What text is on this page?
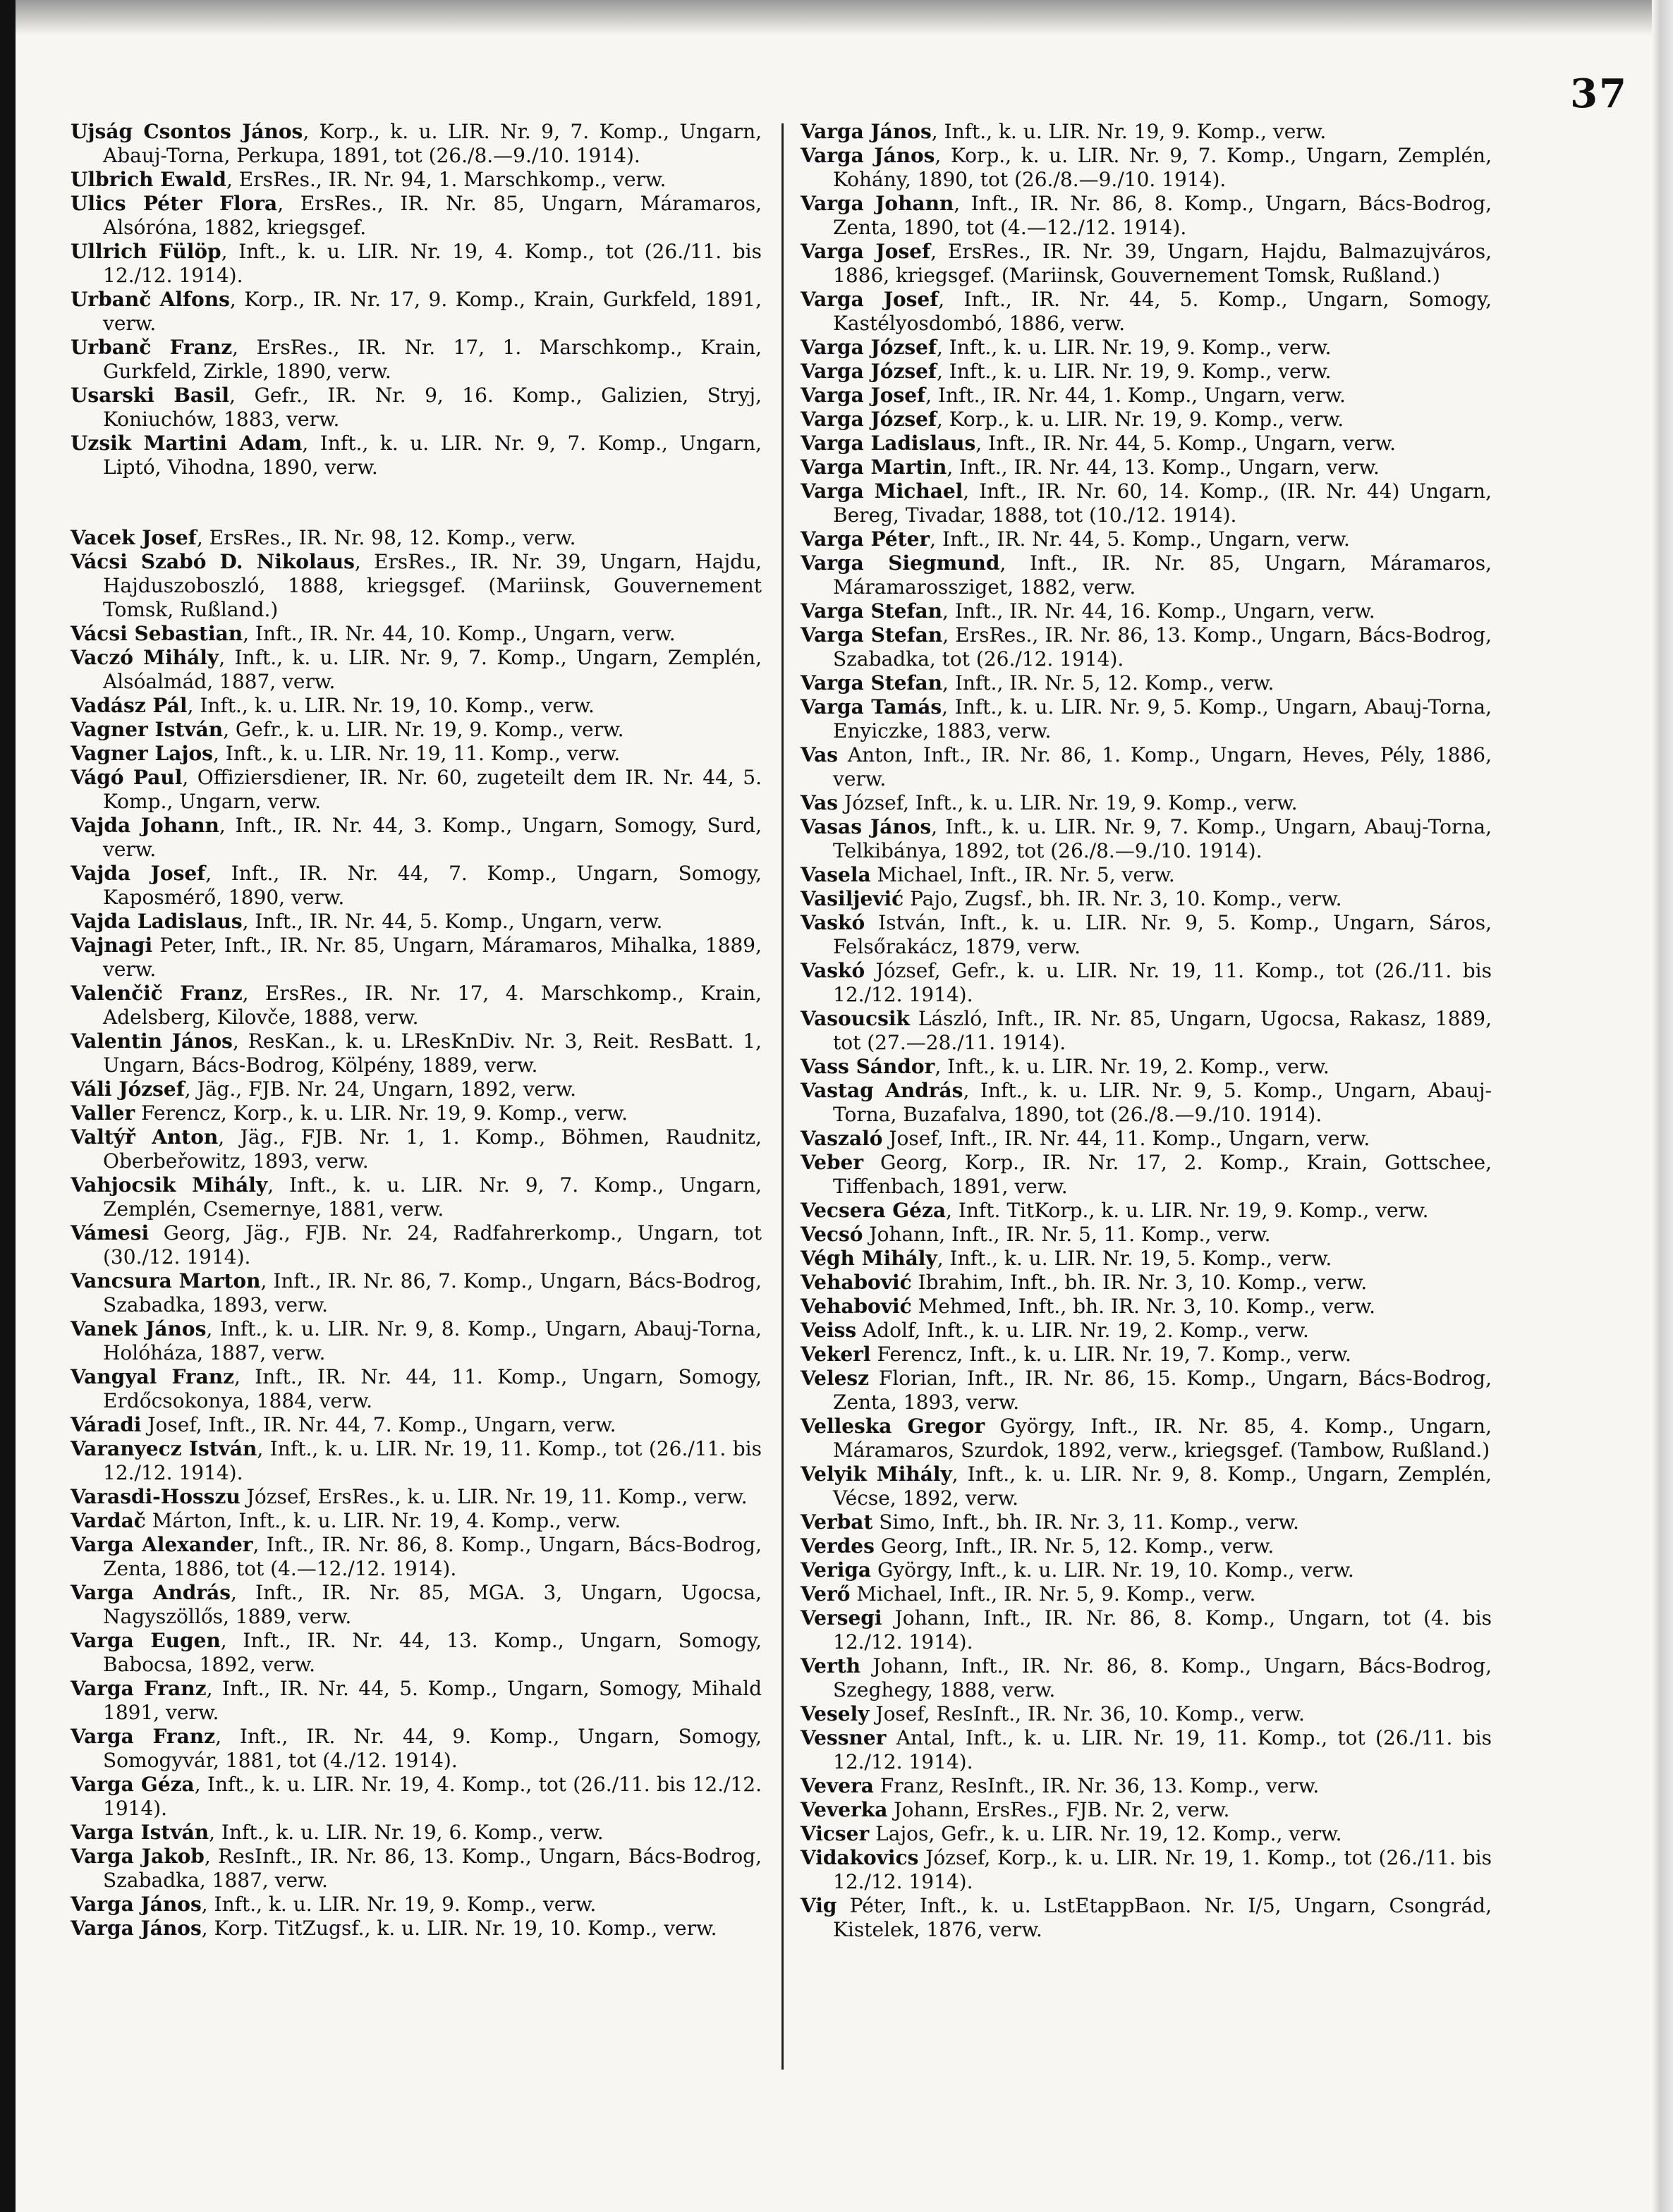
37
Ujság Csontos János, Korp., k. u. LIR. Nr. 9, 7. Komp., Ungarn, Abauj-Torna, Perkupa, 1891, tot (26./8.—9./10. 1914).
Ulbrich Ewald, ErsRes., IR. Nr. 94, 1. Marschkomp., verw.
Ulics Péter Flora, ErsRes., IR. Nr. 85, Ungarn, Máramaros, Alsóróna, 1882, kriegsgef.
Ullrich Fülöp, Inft., k. u. LIR. Nr. 19, 4. Komp., tot (26./11. bis 12./12. 1914).
Urbanč Alfons, Korp., IR. Nr. 17, 9. Komp., Krain, Gurkfeld, 1891, verw.
Urbanč Franz, ErsRes., IR. Nr. 17, 1. Marschkomp., Krain, Gurkfeld, Zirkle, 1890, verw.
Usarski Basil, Gefr., IR. Nr. 9, 16. Komp., Galizien, Stryj, Koniuchów, 1883, verw.
Uzsik Martini Adam, Inft., k. u. LIR. Nr. 9, 7. Komp., Ungarn, Liptó, Vihodna, 1890, verw.
Vacek Josef, ErsRes., IR. Nr. 98, 12. Komp., verw.
Vácsi Szabó D. Nikolaus, ErsRes., IR. Nr. 39, Ungarn, Hajdu, Hajduszoboszló, 1888, kriegsgef. (Mariinsk, Gouvernement Tomsk, Rußland.)
Vácsi Sebastian, Inft., IR. Nr. 44, 10. Komp., Ungarn, verw.
Vaczó Mihály, Inft., k. u. LIR. Nr. 9, 7. Komp., Ungarn, Zemplén, Alsóalmád, 1887, verw.
Vadász Pál, Inft., k. u. LIR. Nr. 19, 10. Komp., verw.
Vagner István, Gefr., k. u. LIR. Nr. 19, 9. Komp., verw.
Vagner Lajos, Inft., k. u. LIR. Nr. 19, 11. Komp., verw.
Vágó Paul, Offiziersdiener, IR. Nr. 60, zugeteilt dem IR. Nr. 44, 5. Komp., Ungarn, verw.
Vajda Johann, Inft., IR. Nr. 44, 3. Komp., Ungarn, Somogy, Surd, verw.
Vajda Josef, Inft., IR. Nr. 44, 7. Komp., Ungarn, Somogy, Kaposmérő, 1890, verw.
Vajda Ladislaus, Inft., IR. Nr. 44, 5. Komp., Ungarn, verw.
Vajnagi Peter, Inft., IR. Nr. 85, Ungarn, Máramaros, Mihalka, 1889, verw.
Valenčič Franz, ErsRes., IR. Nr. 17, 4. Marschkomp., Krain, Adelsberg, Kilovče, 1888, verw.
Valentin János, ResKan., k. u. LResKnDiv. Nr. 3, Reit. ResBatt. 1, Ungarn, Bács-Bodrog, Kölpény, 1889, verw.
Váli József, Jäg., FJB. Nr. 24, Ungarn, 1892, verw.
Valler Ferencz, Korp., k. u. LIR. Nr. 19, 9. Komp., verw.
Valtýř Anton, Jäg., FJB. Nr. 1, 1. Komp., Böhmen, Raudnitz, Oberbeřowitz, 1893, verw.
Vahjocsik Mihály, Inft., k. u. LIR. Nr. 9, 7. Komp., Ungarn, Zemplén, Csemernye, 1881, verw.
Vámesi Georg, Jäg., FJB. Nr. 24, Radfahrerkomp., Ungarn, tot (30./12. 1914).
Vancsura Marton, Inft., IR. Nr. 86, 7. Komp., Ungarn, Bács-Bodrog, Szabadka, 1893, verw.
Vanek János, Inft., k. u. LIR. Nr. 9, 8. Komp., Ungarn, Abauj-Torna, Holóháza, 1887, verw.
Vangyal Franz, Inft., IR. Nr. 44, 11. Komp., Ungarn, Somogy, Erdőcsokonya, 1884, verw.
Váradi Josef, Inft., IR. Nr. 44, 7. Komp., Ungarn, verw.
Varanyecz István, Inft., k. u. LIR. Nr. 19, 11. Komp., tot (26./11. bis 12./12. 1914).
Varasdi-Hosszu József, ErsRes., k. u. LIR. Nr. 19, 11. Komp., verw.
Vardač Márton, Inft., k. u. LIR. Nr. 19, 4. Komp., verw.
Varga Alexander, Inft., IR. Nr. 86, 8. Komp., Ungarn, Bács-Bodrog, Zenta, 1886, tot (4.—12./12. 1914).
Varga András, Inft., IR. Nr. 85, MGA. 3, Ungarn, Ugocsa, Nagyszöllős, 1889, verw.
Varga Eugen, Inft., IR. Nr. 44, 13. Komp., Ungarn, Somogy, Babocsa, 1892, verw.
Varga Franz, Inft., IR. Nr. 44, 5. Komp., Ungarn, Somogy, Mihald 1891, verw.
Varga Franz, Inft., IR. Nr. 44, 9. Komp., Ungarn, Somogy, Somogyvár, 1881, tot (4./12. 1914).
Varga Géza, Inft., k. u. LIR. Nr. 19, 4. Komp., tot (26./11. bis 12./12. 1914).
Varga István, Inft., k. u. LIR. Nr. 19, 6. Komp., verw.
Varga Jakob, ResInft., IR. Nr. 86, 13. Komp., Ungarn, Bács-Bodrog, Szabadka, 1887, verw.
Varga János, Inft., k. u. LIR. Nr. 19, 9. Komp., verw.
Varga János, Korp. TitZugsf., k. u. LIR. Nr. 19, 10. Komp., verw.
Varga János, Inft., k. u. LIR. Nr. 19, 9. Komp., verw.
Varga János, Korp., k. u. LIR. Nr. 9, 7. Komp., Ungarn, Zemplén, Kohány, 1890, tot (26./8.—9./10. 1914).
Varga Johann, Inft., IR. Nr. 86, 8. Komp., Ungarn, Bács-Bodrog, Zenta, 1890, tot (4.—12./12. 1914).
Varga Josef, ErsRes., IR. Nr. 39, Ungarn, Hajdu, Balmazujváros, 1886, kriegsgef. (Mariinsk, Gouvernement Tomsk, Rußland.)
Varga Josef, Inft., IR. Nr. 44, 5. Komp., Ungarn, Somogy, Kastélyosdombó, 1886, verw.
Varga József, Inft., k. u. LIR. Nr. 19, 9. Komp., verw.
Varga József, Inft., k. u. LIR. Nr. 19, 9. Komp., verw.
Varga Josef, Inft., IR. Nr. 44, 1. Komp., Ungarn, verw.
Varga József, Korp., k. u. LIR. Nr. 19, 9. Komp., verw.
Varga Ladislaus, Inft., IR. Nr. 44, 5. Komp., Ungarn, verw.
Varga Martin, Inft., IR. Nr. 44, 13. Komp., Ungarn, verw.
Varga Michael, Inft., IR. Nr. 60, 14. Komp., (IR. Nr. 44) Ungarn, Bereg, Tivadar, 1888, tot (10./12. 1914).
Varga Péter, Inft., IR. Nr. 44, 5. Komp., Ungarn, verw.
Varga Siegmund, Inft., IR. Nr. 85, Ungarn, Máramaros, Máramarossziget, 1882, verw.
Varga Stefan, Inft., IR. Nr. 44, 16. Komp., Ungarn, verw.
Varga Stefan, ErsRes., IR. Nr. 86, 13. Komp., Ungarn, Bács-Bodrog, Szabadka, tot (26./12. 1914).
Varga Stefan, Inft., IR. Nr. 5, 12. Komp., verw.
Varga Tamás, Inft., k. u. LIR. Nr. 9, 5. Komp., Ungarn, Abauj-Torna, Enyiczke, 1883, verw.
Vas Anton, Inft., IR. Nr. 86, 1. Komp., Ungarn, Heves, Pély, 1886, verw.
Vas József, Inft., k. u. LIR. Nr. 19, 9. Komp., verw.
Vasas János, Inft., k. u. LIR. Nr. 9, 7. Komp., Ungarn, Abauj-Torna, Telkibánya, 1892, tot (26./8.—9./10. 1914).
Vasela Michael, Inft., IR. Nr. 5, verw.
Vasiljević Pajo, Zugsf., bh. IR. Nr. 3, 10. Komp., verw.
Vaskó István, Inft., k. u. LIR. Nr. 9, 5. Komp., Ungarn, Sáros, Felsőrakácz, 1879, verw.
Vaskó József, Gefr., k. u. LIR. Nr. 19, 11. Komp., tot (26./11. bis 12./12. 1914).
Vasoucsik László, Inft., IR. Nr. 85, Ungarn, Ugocsa, Rakasz, 1889, tot (27.—28./11. 1914).
Vass Sándor, Inft., k. u. LIR. Nr. 19, 2. Komp., verw.
Vastag András, Inft., k. u. LIR. Nr. 9, 5. Komp., Ungarn, Abauj-Torna, Buzafalva, 1890, tot (26./8.—9./10. 1914).
Vaszaló Josef, Inft., IR. Nr. 44, 11. Komp., Ungarn, verw.
Veber Georg, Korp., IR. Nr. 17, 2. Komp., Krain, Gottschee, Tiffenbach, 1891, verw.
Vecsera Géza, Inft. TitKorp., k. u. LIR. Nr. 19, 9. Komp., verw.
Vecsó Johann, Inft., IR. Nr. 5, 11. Komp., verw.
Végh Mihály, Inft., k. u. LIR. Nr. 19, 5. Komp., verw.
Vehabović Ibrahim, Inft., bh. IR. Nr. 3, 10. Komp., verw.
Vehabović Mehmed, Inft., bh. IR. Nr. 3, 10. Komp., verw.
Veiss Adolf, Inft., k. u. LIR. Nr. 19, 2. Komp., verw.
Vekerl Ferencz, Inft., k. u. LIR. Nr. 19, 7. Komp., verw.
Velesz Florian, Inft., IR. Nr. 86, 15. Komp., Ungarn, Bács-Bodrog, Zenta, 1893, verw.
Velleska Gregor György, Inft., IR. Nr. 85, 4. Komp., Ungarn, Máramaros, Szurdok, 1892, verw., kriegsgef. (Tambow, Rußland.)
Velyik Mihály, Inft., k. u. LIR. Nr. 9, 8. Komp., Ungarn, Zemplén, Vécse, 1892, verw.
Verbat Simo, Inft., bh. IR. Nr. 3, 11. Komp., verw.
Verdes Georg, Inft., IR. Nr. 5, 12. Komp., verw.
Veriga György, Inft., k. u. LIR. Nr. 19, 10. Komp., verw.
Verő Michael, Inft., IR. Nr. 5, 9. Komp., verw.
Versegi Johann, Inft., IR. Nr. 86, 8. Komp., Ungarn, tot (4. bis 12./12. 1914).
Verth Johann, Inft., IR. Nr. 86, 8. Komp., Ungarn, Bács-Bodrog, Szeghegy, 1888, verw.
Vesely Josef, ResInft., IR. Nr. 36, 10. Komp., verw.
Vessner Antal, Inft., k. u. LIR. Nr. 19, 11. Komp., tot (26./11. bis 12./12. 1914).
Vevera Franz, ResInft., IR. Nr. 36, 13. Komp., verw.
Veverka Johann, ErsRes., FJB. Nr. 2, verw.
Vicser Lajos, Gefr., k. u. LIR. Nr. 19, 12. Komp., verw.
Vidakovics József, Korp., k. u. LIR. Nr. 19, 1. Komp., tot (26./11. bis 12./12. 1914).
Vig Péter, Inft., k. u. LstEtappBaon. Nr. I/5, Ungarn, Csongrád, Kistelek, 1876, verw.
